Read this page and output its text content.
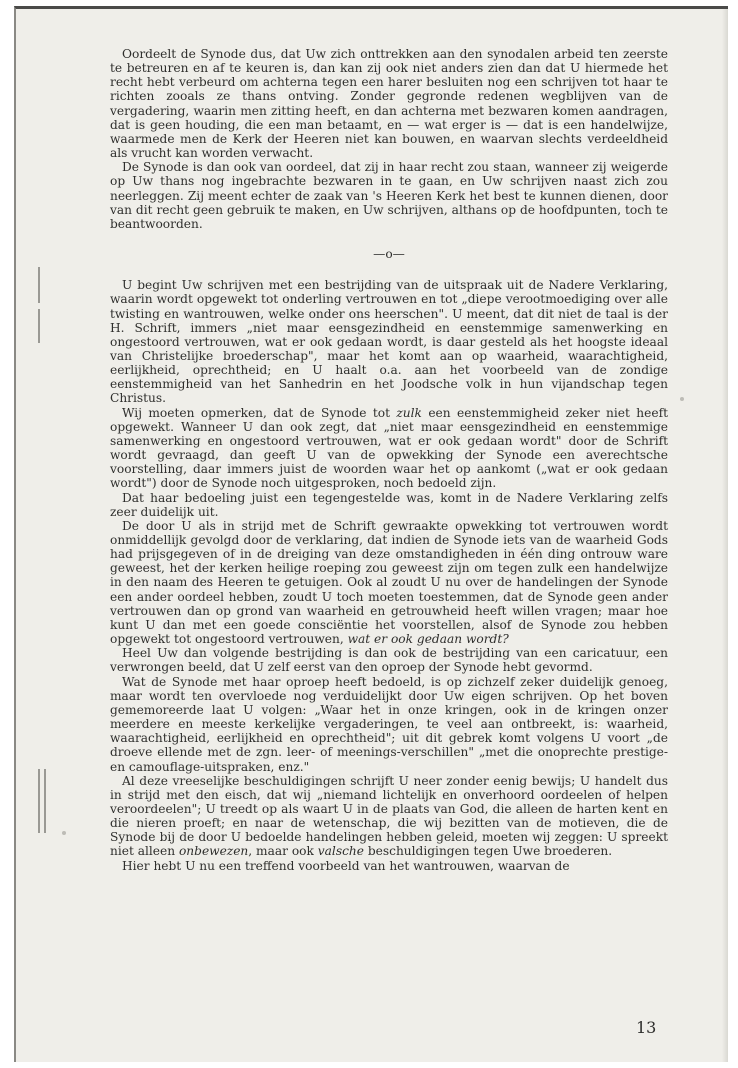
Oordeelt de Synode dus, dat Uw zich onttrekken aan den synodalen arbeid ten zeerste te betreuren en af te keuren is, dan kan zij ook niet anders zien dan dat U hiermede het recht hebt verbeurd om achterna tegen een harer besluiten nog een schrijven tot haar te richten zooals ze thans ontving. Zonder gegronde redenen wegblijven van de vergadering, waarin men zitting heeft, en dan achterna met bezwaren komen aandragen, dat is geen houding, die een man betaamt, en — wat erger is — dat is een handelwijze, waarmede men de Kerk der Heeren niet kan bouwen, en waarvan slechts verdeeldheid als vrucht kan worden verwacht.

De Synode is dan ook van oordeel, dat zij in haar recht zou staan, wanneer zij weigerde op Uw thans nog ingebrachte bezwaren in te gaan, en Uw schrijven naast zich zou neerleggen. Zij meent echter de zaak van 's Heeren Kerk het best te kunnen dienen, door van dit recht geen gebruik te maken, en Uw schrijven, althans op de hoofdpunten, toch te beantwoorden.

—o—

U begint Uw schrijven met een bestrijding van de uitspraak uit de Nadere Verklaring, waarin wordt opgewekt tot onderling vertrouwen en tot „diepe verootmoediging over alle twisting en wantrouwen, welke onder ons heerschen". U meent, dat dit niet de taal is der H. Schrift, immers „niet maar eensgezindheid en eenstemmige samenwerking en ongestoord vertrouwen, wat er ook gedaan wordt, is daar gesteld als het hoogste ideaal van Christelijke broederschap", maar het komt aan op waarheid, waarachtigheid, eerlijkheid, oprechtheid; en U haalt o.a. aan het voorbeeld van de zondige eenstemmigheid van het Sanhedrin en het Joodsche volk in hun vijandschap tegen Christus.

Wij moeten opmerken, dat de Synode tot zulk een eenstemmigheid zeker niet heeft opgewekt. Wanneer U dan ook zegt, dat „niet maar eensgezindheid en eenstemmige samenwerking en ongestoord vertrouwen, wat er ook gedaan wordt" door de Schrift wordt gevraagd, dan geeft U van de opwekking der Synode een averechtsche voorstelling, daar immers juist de woorden waar het op aankomt („wat er ook gedaan wordt") door de Synode noch uitgesproken, noch bedoeld zijn.

Dat haar bedoeling juist een tegengestelde was, komt in de Nadere Verklaring zelfs zeer duidelijk uit.

De door U als in strijd met de Schrift gewraakte opwekking tot vertrouwen wordt onmiddellijk gevolgd door de verklaring, dat indien de Synode iets van de waarheid Gods had prijsgegeven of in de dreiging van deze omstandigheden in één ding ontrouw ware geweest, het der kerken heilige roeping zou geweest zijn om tegen zulk een handelwijze in den naam des Heeren te getuigen. Ook al zoudt U nu over de handelingen der Synode een ander oordeel hebben, zoudt U toch moeten toestemmen, dat de Synode geen ander vertrouwen dan op grond van waarheid en getrouwheid heeft willen vragen; maar hoe kunt U dan met een goede consciëntie het voorstellen, alsof de Synode zou hebben opgewekt tot ongestoord vertrouwen, wat er ook gedaan wordt?

Heel Uw dan volgende bestrijding is dan ook de bestrijding van een caricatuur, een verwrongen beeld, dat U zelf eerst van den oproep der Synode hebt gevormd.

Wat de Synode met haar oproep heeft bedoeld, is op zichzelf zeker duidelijk genoeg, maar wordt ten overvloede nog verduidelijkt door Uw eigen schrijven. Op het boven gememoreerde laat U volgen: „Waar het in onze kringen, ook in de kringen onzer meerdere en meeste kerkelijke vergaderingen, te veel aan ontbreekt, is: waarheid, waarachtigheid, eerlijkheid en oprechtheid"; uit dit gebrek komt volgens U voort „de droeve ellende met de zgn. leer- of meenings-verschillen" „met die onoprechte prestige- en camouflage-uitspraken, enz."

Al deze vreeselijke beschuldigingen schrijft U neer zonder eenig bewijs; U handelt dus in strijd met den eisch, dat wij „niemand lichtelijk en onverhoord oordeelen of helpen veroordeelen"; U treedt op als waart U in de plaats van God, die alleen de harten kent en die nieren proeft; en naar de wetenschap, die wij bezitten van de motieven, die de Synode bij de door U bedoelde handelingen hebben geleid, moeten wij zeggen: U spreekt niet alleen onbewezen, maar ook valsche beschuldigingen tegen Uwe broederen.

Hier hebt U nu een treffend voorbeeld van het wantrouwen, waarvan de

13
